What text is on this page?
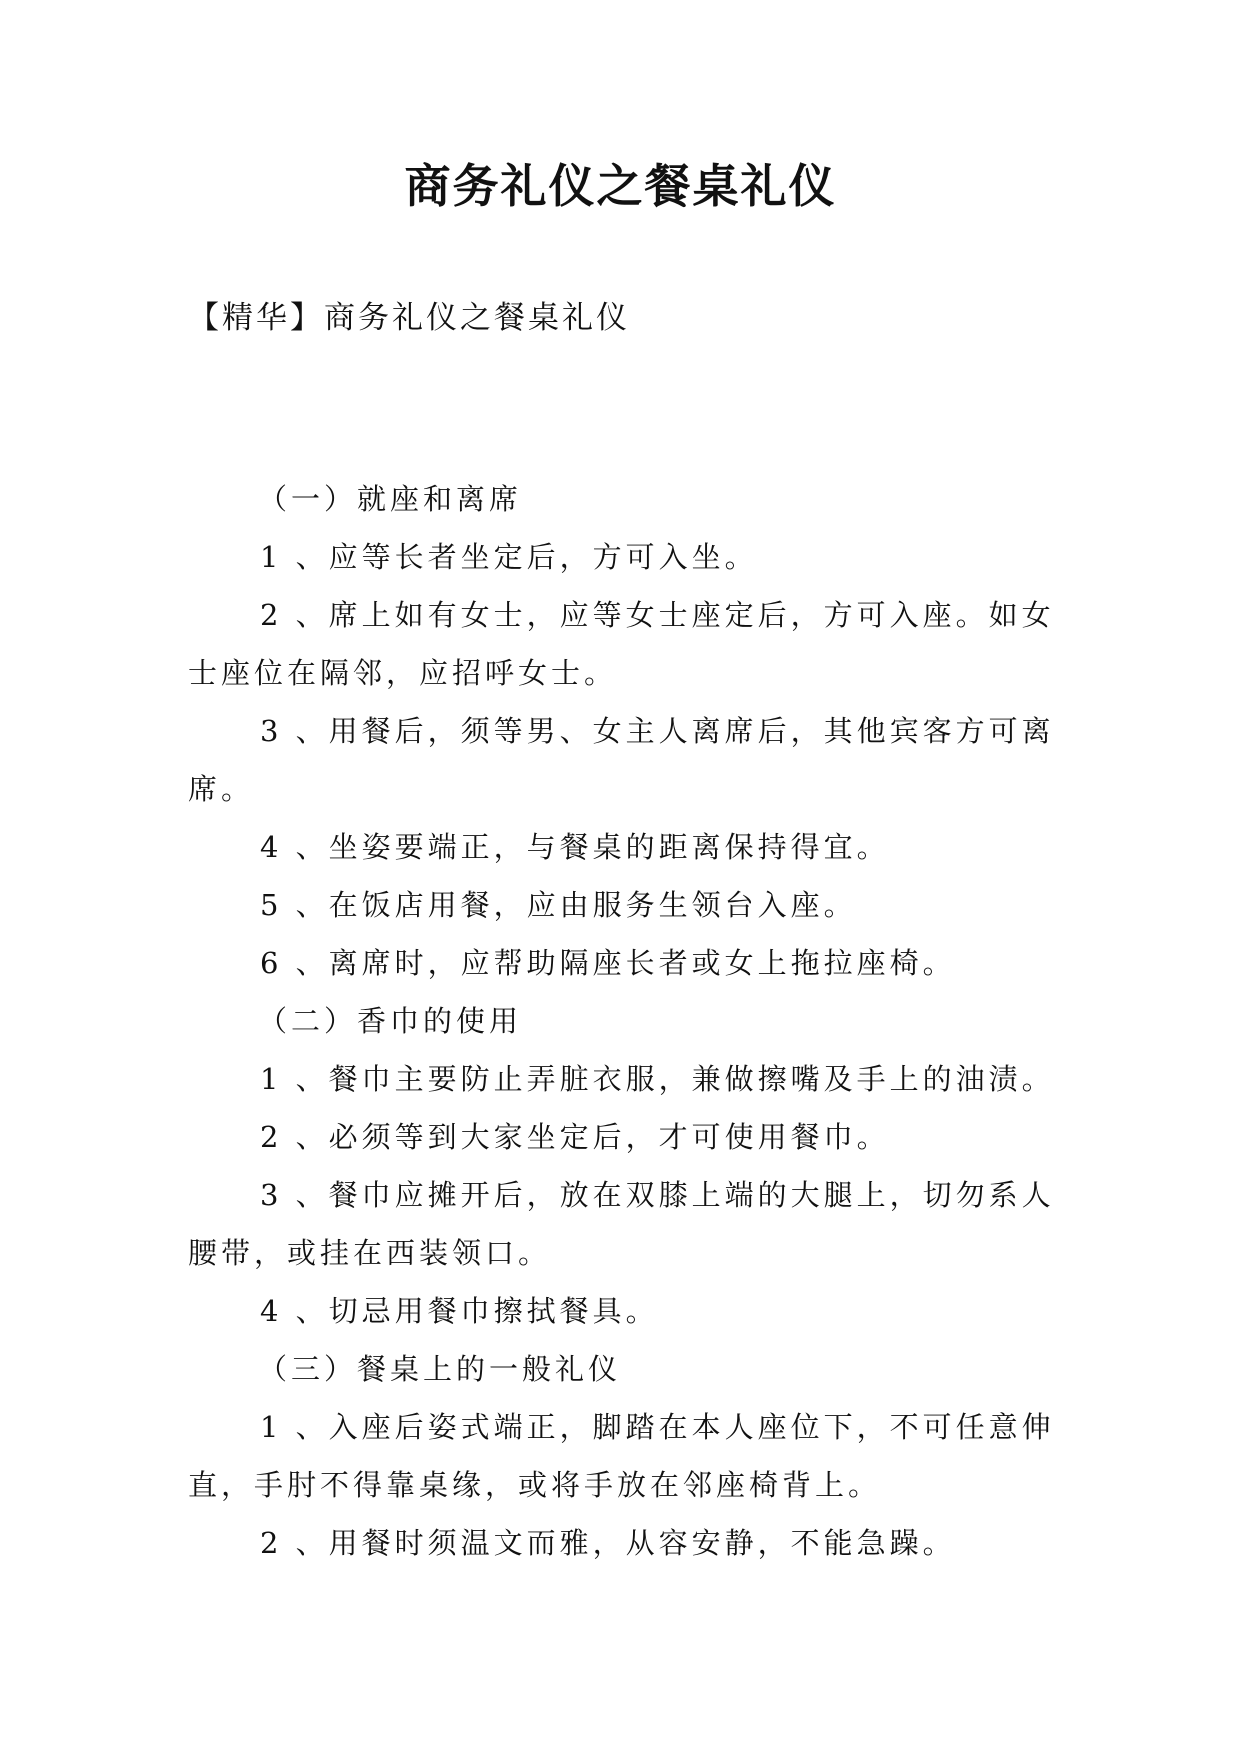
商务礼仪之餐桌礼仪

【精华】商务礼仪之餐桌礼仪

（一）就座和离席

1 、应等长者坐定后，方可入坐。

2 、席上如有女士，应等女士座定后，方可入座。如女士座位在隔邻，应招呼女士。

3 、用餐后，须等男、女主人离席后，其他宾客方可离席。

4 、坐姿要端正，与餐桌的距离保持得宜。

5 、在饭店用餐，应由服务生领台入座。

6 、离席时，应帮助隔座长者或女上拖拉座椅。

（二）香巾的使用

1 、餐巾主要防止弄脏衣服，兼做擦嘴及手上的油渍。

2 、必须等到大家坐定后，才可使用餐巾。

3 、餐巾应摊开后，放在双膝上端的大腿上，切勿系人腰带，或挂在西装领口。

4 、切忌用餐巾擦拭餐具。

（三）餐桌上的一般礼仪

1 、入座后姿式端正，脚踏在本人座位下，不可任意伸直，手肘不得靠桌缘，或将手放在邻座椅背上。

2 、用餐时须温文而雅，从容安静，不能急躁。
